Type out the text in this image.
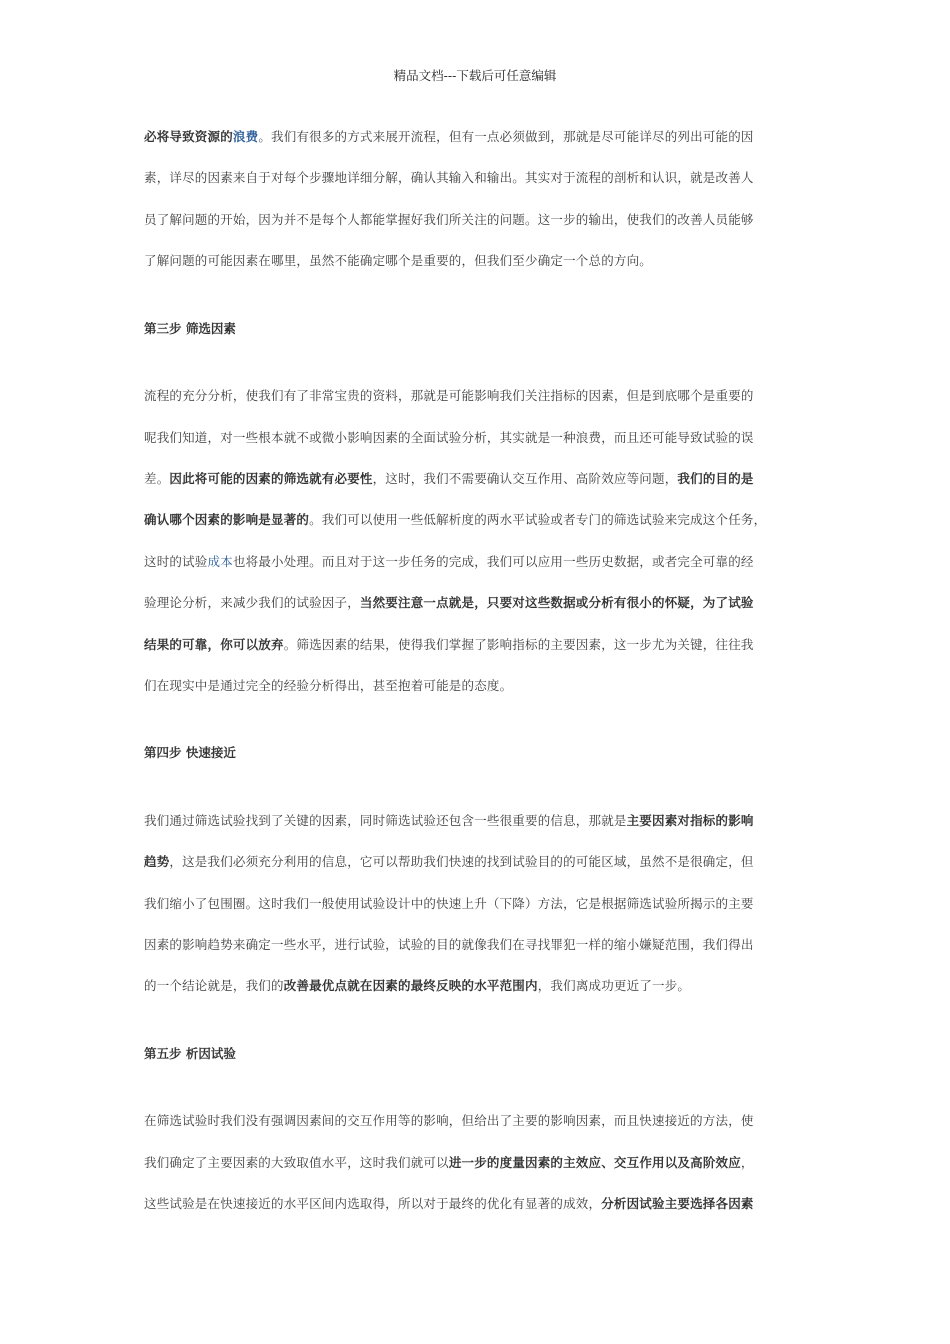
精品文档---下载后可任意编辑
必将导致资源的浪费。我们有很多的方式来展开流程，但有一点必须做到，那就是尽可能详尽的列出可能的因
素，详尽的因素来自于对每个步骤地详细分解，确认其输入和输出。其实对于流程的剖析和认识，就是改善人
员了解问题的开始，因为并不是每个人都能掌握好我们所关注的问题。这一步的输出，使我们的改善人员能够
了解问题的可能因素在哪里，虽然不能确定哪个是重要的，但我们至少确定一个总的方向。
第三步 筛选因素
流程的充分分析，使我们有了非常宝贵的资料，那就是可能影响我们关注指标的因素，但是到底哪个是重要的
呢我们知道，对一些根本就不或微小影响因素的全面试验分析，其实就是一种浪费，而且还可能导致试验的误
差。因此将可能的因素的筛选就有必要性，这时，我们不需要确认交互作用、高阶效应等问题，我们的目的是
确认哪个因素的影响是显著的。我们可以使用一些低解析度的两水平试验或者专门的筛选试验来完成这个任务，
这时的试验成本也将最小处理。而且对于这一步任务的完成，我们可以应用一些历史数据，或者完全可靠的经
验理论分析，来减少我们的试验因子，当然要注意一点就是，只要对这些数据或分析有很小的怀疑，为了试验
结果的可靠，你可以放弃。筛选因素的结果，使得我们掌握了影响指标的主要因素，这一步尤为关键，往往我
们在现实中是通过完全的经验分析得出，甚至抱着可能是的态度。
第四步 快速接近
我们通过筛选试验找到了关键的因素，同时筛选试验还包含一些很重要的信息，那就是主要因素对指标的影响
趋势，这是我们必须充分利用的信息，它可以帮助我们快速的找到试验目的的可能区域，虽然不是很确定，但
我们缩小了包围圈。这时我们一般使用试验设计中的快速上升（下降）方法，它是根据筛选试验所揭示的主要
因素的影响趋势来确定一些水平，进行试验，试验的目的就像我们在寻找罪犯一样的缩小嫌疑范围，我们得出
的一个结论就是，我们的改善最优点就在因素的最终反映的水平范围内，我们离成功更近了一步。
第五步 析因试验
在筛选试验时我们没有强调因素间的交互作用等的影响，但给出了主要的影响因素，而且快速接近的方法，使
我们确定了主要因素的大致取值水平，这时我们就可以进一步的度量因素的主效应、交互作用以及高阶效应，
这些试验是在快速接近的水平区间内选取得，所以对于最终的优化有显著的成效，分析因试验主要选择各因素
